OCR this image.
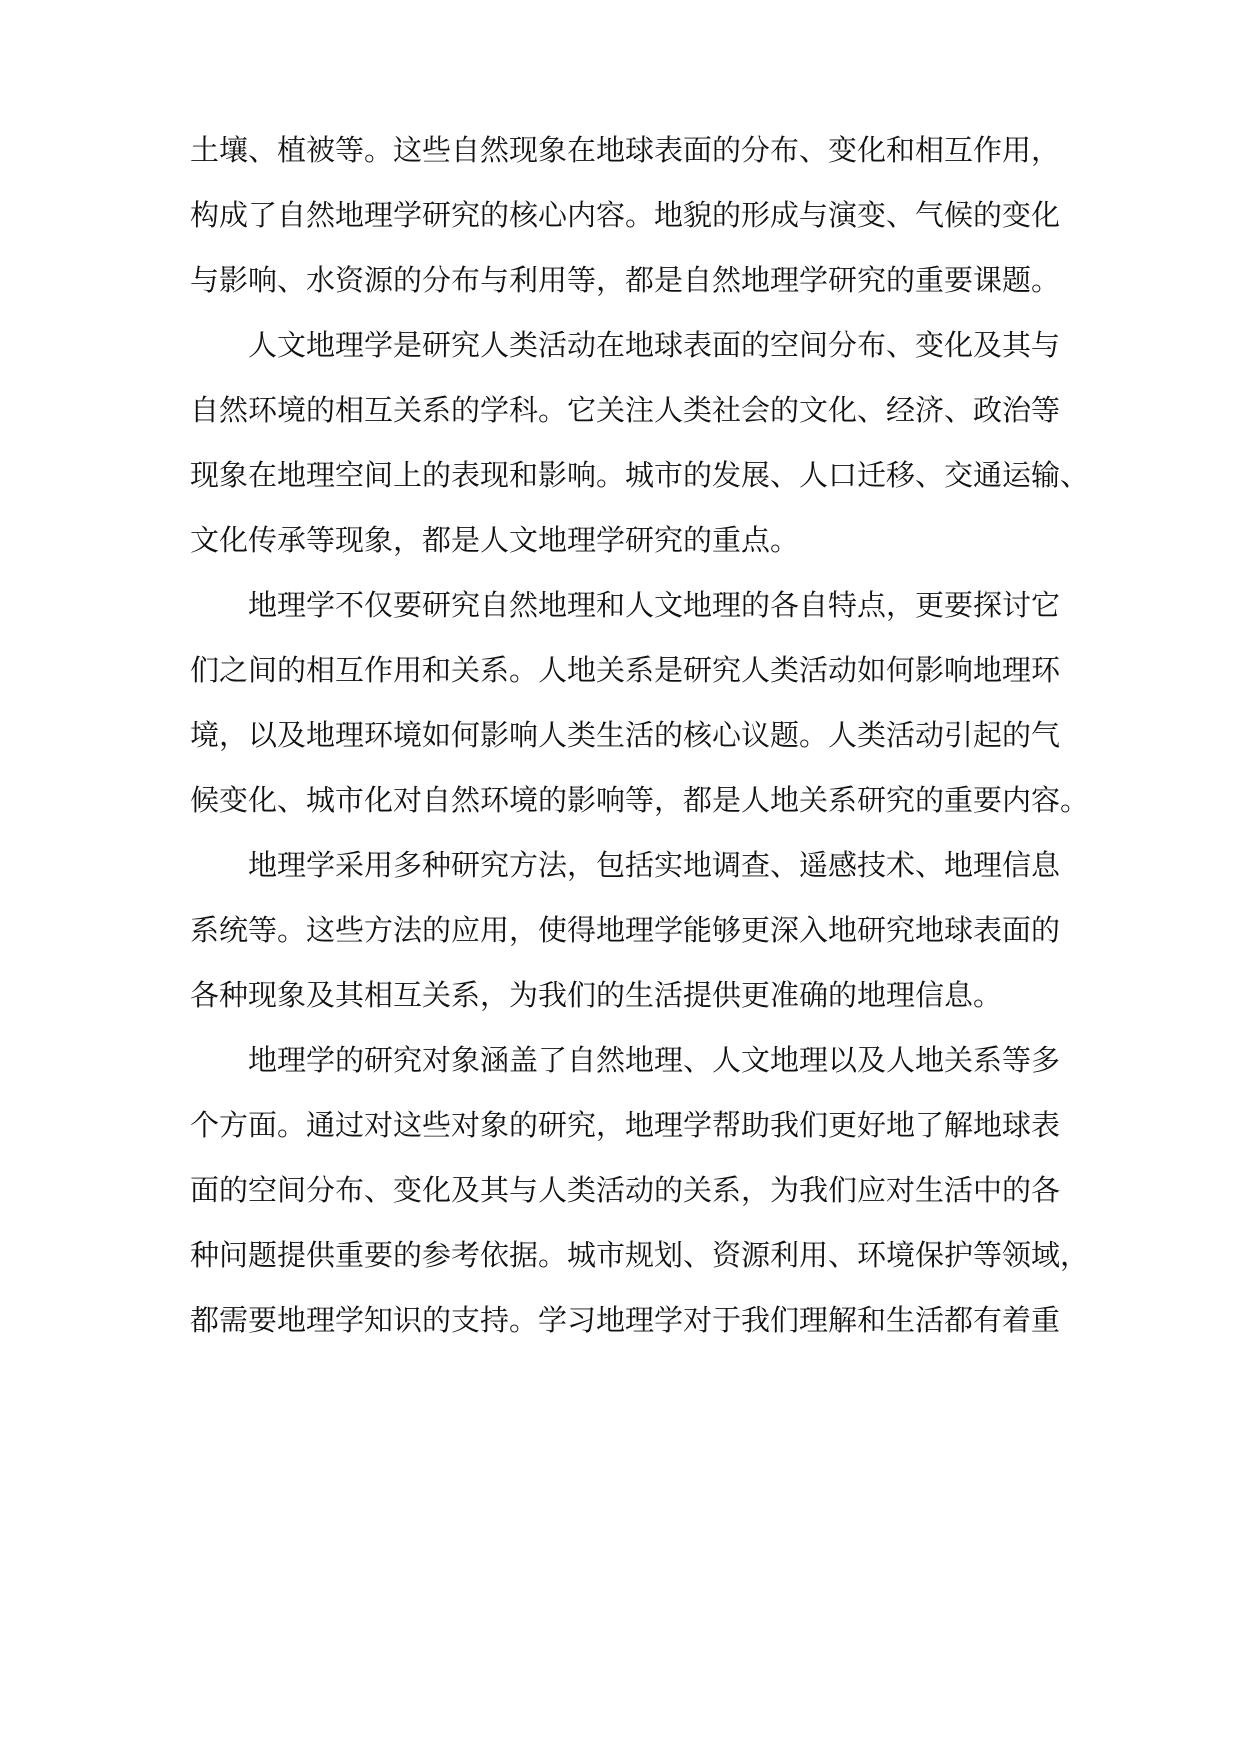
土壤、植被等。这些自然现象在地球表面的分布、变化和相互作用，
构成了自然地理学研究的核心内容。地貌的形成与演变、气候的变化
与影响、水资源的分布与利用等，都是自然地理学研究的重要课题。
人文地理学是研究人类活动在地球表面的空间分布、变化及其与
自然环境的相互关系的学科。它关注人类社会的文化、经济、政治等
现象在地理空间上的表现和影响。城市的发展、人口迁移、交通运输、
文化传承等现象，都是人文地理学研究的重点。
地理学不仅要研究自然地理和人文地理的各自特点，更要探讨它
们之间的相互作用和关系。人地关系是研究人类活动如何影响地理环
境，以及地理环境如何影响人类生活的核心议题。人类活动引起的气
候变化、城市化对自然环境的影响等，都是人地关系研究的重要内容。
地理学采用多种研究方法，包括实地调查、遥感技术、地理信息
系统等。这些方法的应用，使得地理学能够更深入地研究地球表面的
各种现象及其相互关系，为我们的生活提供更准确的地理信息。
地理学的研究对象涵盖了自然地理、人文地理以及人地关系等多
个方面。通过对这些对象的研究，地理学帮助我们更好地了解地球表
面的空间分布、变化及其与人类活动的关系，为我们应对生活中的各
种问题提供重要的参考依据。城市规划、资源利用、环境保护等领域，
都需要地理学知识的支持。学习地理学对于我们理解和生活都有着重
